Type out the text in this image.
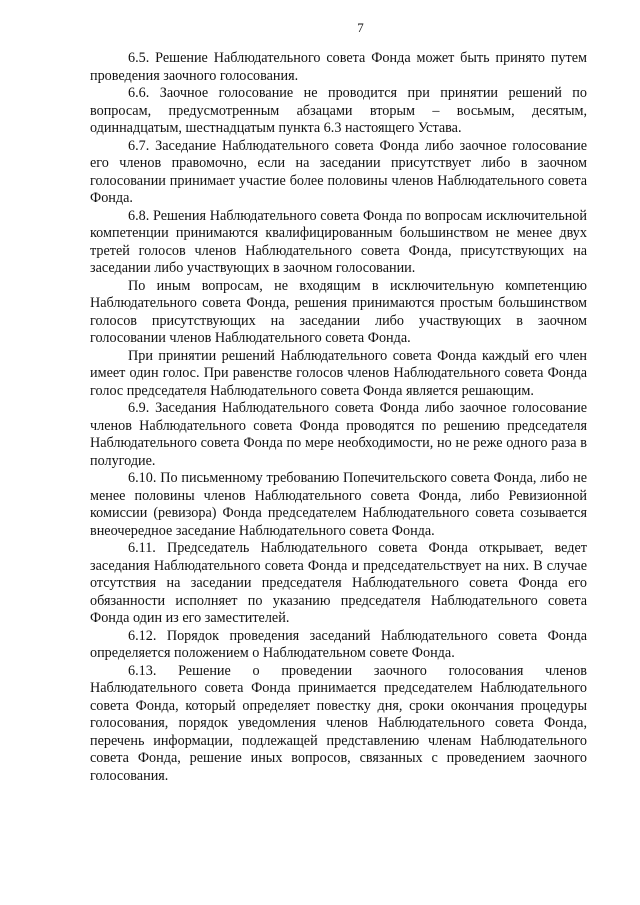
7

6.5. Решение Наблюдательного совета Фонда может быть принято путем проведения заочного голосования.

6.6. Заочное голосование не проводится при принятии решений по вопросам, предусмотренным абзацами вторым – восьмым, десятым, одиннадцатым, шестнадцатым пункта 6.3 настоящего Устава.

6.7. Заседание Наблюдательного совета Фонда либо заочное голосование его членов правомочно, если на заседании присутствует либо в заочном голосовании принимает участие более половины членов Наблюдательного совета Фонда.

6.8. Решения Наблюдательного совета Фонда по вопросам исключительной компетенции принимаются квалифицированным большинством не менее двух третей голосов членов Наблюдательного совета Фонда, присутствующих на заседании либо участвующих в заочном голосовании.

По иным вопросам, не входящим в исключительную компетенцию Наблюдательного совета Фонда, решения принимаются простым большинством голосов присутствующих на заседании либо участвующих в заочном голосовании членов Наблюдательного совета Фонда.

При принятии решений Наблюдательного совета Фонда каждый его член имеет один голос. При равенстве голосов членов Наблюдательного совета Фонда голос председателя Наблюдательного совета Фонда является решающим.

6.9. Заседания Наблюдательного совета Фонда либо заочное голосование членов Наблюдательного совета Фонда проводятся по решению председателя Наблюдательного совета Фонда по мере необходимости, но не реже одного раза в полугодие.

6.10. По письменному требованию Попечительского совета Фонда, либо не менее половины членов Наблюдательного совета Фонда, либо Ревизионной комиссии (ревизора) Фонда председателем Наблюдательного совета созывается внеочередное заседание Наблюдательного совета Фонда.

6.11. Председатель Наблюдательного совета Фонда открывает, ведет заседания Наблюдательного совета Фонда и председательствует на них. В случае отсутствия на заседании председателя Наблюдательного совета Фонда его обязанности исполняет по указанию председателя Наблюдательного совета Фонда один из его заместителей.

6.12. Порядок проведения заседаний Наблюдательного совета Фонда определяется положением о Наблюдательном совете Фонда.

6.13. Решение о проведении заочного голосования членов Наблюдательного совета Фонда принимается председателем Наблюдательного совета Фонда, который определяет повестку дня, сроки окончания процедуры голосования, порядок уведомления членов Наблюдательного совета Фонда, перечень информации, подлежащей представлению членам Наблюдательного совета Фонда, решение иных вопросов, связанных с проведением заочного голосования.
